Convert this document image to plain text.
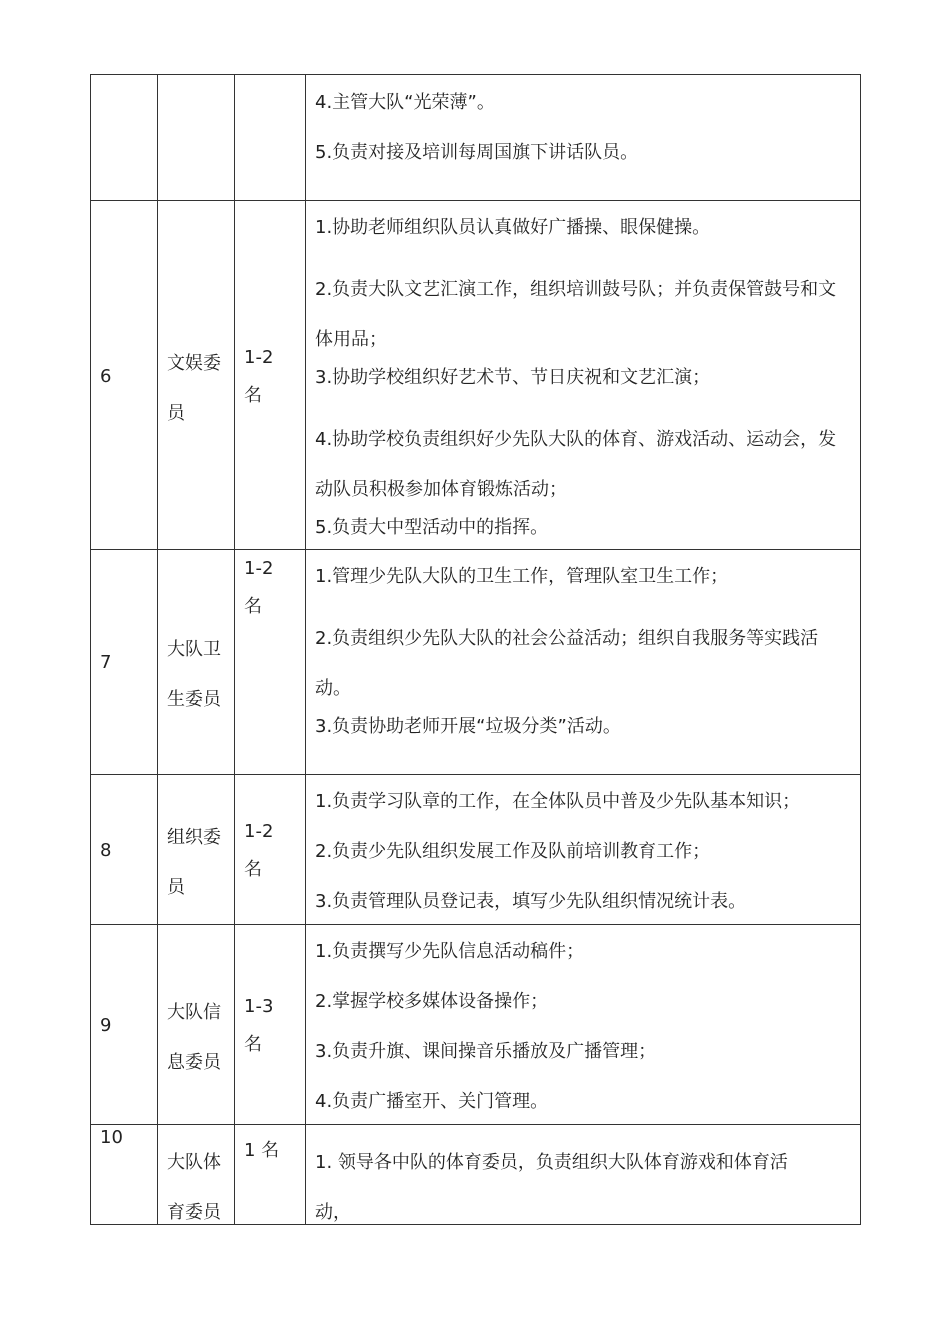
			4.主管大队“光荣薄”。
5.负责对接及培训每周国旗下讲话队员。

6	文娱委员	1-2名	1.协助老师组织队员认真做好广播操、眼保健操。
2.负责大队文艺汇演工作，组织培训鼓号队；并负责保管鼓号和文体用品；
3.协助学校组织好艺术节、节日庆祝和文艺汇演；
4.协助学校负责组织好少先队大队的体育、游戏活动、运动会，发动队员积极参加体育锻炼活动；
5.负责大中型活动中的指挥。

7	大队卫生委员	1-2名	1.管理少先队大队的卫生工作，管理队室卫生工作；
2.负责组织少先队大队的社会公益活动；组织自我服务等实践活动。
3.负责协助老师开展“垃圾分类”活动。

8	组织委员	1-2名	1.负责学习队章的工作，在全体队员中普及少先队基本知识；
2.负责少先队组织发展工作及队前培训教育工作；
3.负责管理队员登记表，填写少先队组织情况统计表。

9	大队信息委员	1-3名	1.负责撰写少先队信息活动稿件；
2.掌握学校多媒体设备操作；
3.负责升旗、课间操音乐播放及广播管理；
4.负责广播室开、关门管理。

10	大队体育委员	1 名	1. 领导各中队的体育委员，负责组织大队体育游戏和体育活动，
